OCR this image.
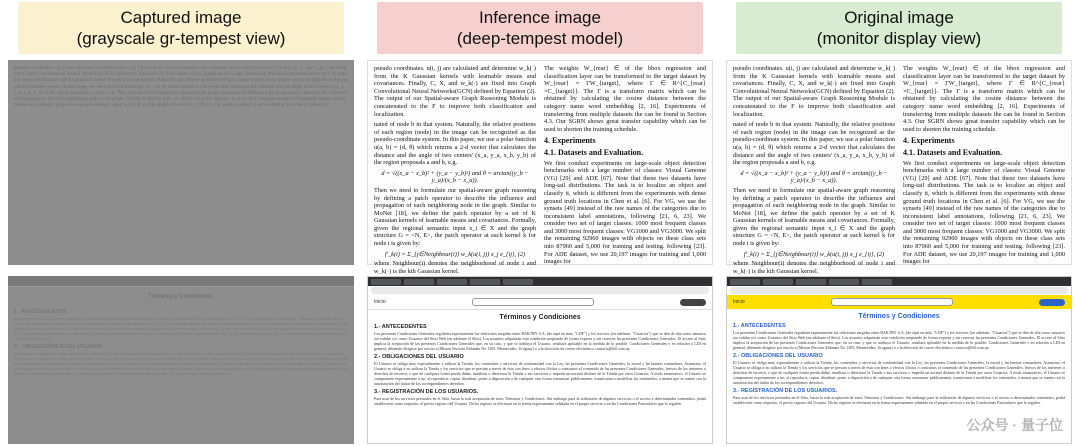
Captured image
(grayscale gr-tempest view)
pseudo coordinates. u(i, j) are calculated and determine w_k( ) from the K Gaussian kernels with learnable means and covariances. Finally, C, X, and w_k(·) are fixed into Graph Convolutional Neural Networks(GCN) defined by Equation (2). The output of our Spatial-aware Graph Reasoning Module is concatenated to the F to improve both classification and localization. nated of node b in that system. Naturally, the relative positions of each region (node) in the image can be recognized as the pseudo-coordinate system. In this paper, we use a polar function u(a, b) = (d, θ) which returns a 2-d vector that calculates the distance and the angle of two centers' (x_a, y_a, x_b, y_b) of the region proposals a and b, e.g. Then we need to formulate our spatial-aware graph reasoning by defining a patch operator to describe the influence and propagation of each neighboring node in the graph. Similar to MoNet [18], we define the patch operator by a set of K Gaussian kernels of learnable means and covariances. Formally, given the regional semantic input x_i ∈ X and the graph structure G = <N, E>, the patch operator at each kernel k for node i is given by:
Términos y Condiciones
1.- ANTECEDENTES
Los presentes Condiciones Generales regularán expresamente las relaciones surgidas entre BAKTRY S.A. (de aquí en más, "LDF") y los terceros (en adelante, "Usuarios") que se den de alta como usuarios sin validar y/o como Usuarios del Sitio Web (en adelante el Sitio). Los usuarios adquirirán esta condición aceptando de forma expresa y sin reservas las presentes Condiciones Generales. El acceso al Sitio implica la aceptación de las presentes Condiciones Generales que, en su caso, y que se atribuya el Usuario, resultará aplicable en la medida de lo posible. Condiciones Generales v en relación a LDI en general, debiendo dirigirse por escrito a (Mision Ferreira Aldunate No 1305, Montevideo, Uruguay) o a la dirección de correo electrónico contacto@ldf.com.uy
2.- OBLIGACIONES DEL USUARIO
El Usuario se obliga muy especialmente a utilizar la Tienda, los contenidos y servicios de conformidad con la Ley, las presentes Condiciones Generales, la moral y las buenas costumbres. Asimismo, el Usuario se obliga a no utilizar la Tienda y los servicios que se prestan a través de ésta con fines o efectos ilícitos o contrarios al contenido de las presentes Condiciones Generales, lesivos de los intereses o derechos de terceros, o que de cualquier forma pueda dañar, inutilizar o deteriorar la Tienda o sus servicios o impedir un normal disfrute de la Tienda por otros Usuarios. A título enunciativo, el Usuario se compromete expresamente a no: a) reproducir, copiar, distribuir, poner a disposición o de cualquier otra forma comunicar públicamente, transformar o modificar los contenidos, a menos que se cuente con la autorización del titular de los correspondientes derechos.
Inference image
(deep-tempest model)

pseudo coordinates. u(i, j) are calculated and determine w_k( ) from the K Gaussian kernels with learnable means and covariances. Finally, C, X, and w_k(·) are fixed into Graph Convolutional Neural Networks(GCN) defined by Equation (2). The output of our Spatial-aware Graph Reasoning Module is concatenated to the F to improve both classification and localization.

nated of node b in that system. Naturally, the relative positions of each region (node) in the image can be recognized as the pseudo-coordinate system. In this paper, we use a polar function u(a, b) = (d, θ) which returns a 2-d vector that calculates the distance and the angle of two centers' (x_a, y_a, x_b, y_b) of the region proposals a and b, e.g.

d = √((x_a − x_b)² + (y_a − y_b)²) and θ = arctan((y_b − y_a)/(x_b − x_a)).

Then we need to formulate our spatial-aware graph reasoning by defining a patch operator to describe the influence and propagation of each neighboring node in the graph. Similar to MoNet [18], we define the patch operator by a set of K Gaussian kernels of learnable means and covariances. Formally, given the regional semantic input x_i ∈ X and the graph structure G = <N, E>, the patch operator at each kernel k for node i is given by:

f'_k(i) = Σ_{j∈Neighbour(i)} w_k(u(i, j)) x_j e_{ij}, (2)

where Neighbour(i) denotes the neighborhood of node i and w_k(·) is the kth Gaussian kernel.

The weights W_{rear} ∈ of the bbox regression and classification layer can be transformed to the target dataset by W_{rear} = ΓW_{target}, where Γ ∈ R^{C_{rear}×C_{target}}. The Γ is a transform matrix which can be obtained by calculating the cosine distance between the category name word embedding [2, 16]. Experiments of transferring from multiple datasets the can be found in Section 4.3. Our SGRN shows great transfer capability which can be used to shorten the training schedule.

4. Experiments
4.1. Datasets and Evaluation.

We first conduct experiments on large-scale object detection benchmarks with a large number of classes: Visual Genome (VG) [29] and ADE [67]. Note that these two datasets have long-tail distributions. The task is to localize an object and classify it, which is different from the experiments with dense ground truth locations in Chen et al. [6]. For VG, we use the synsets [49] instead of the raw names of the categories due to inconsistent label annotations, following [21, 6, 23]. We consider two set of target classes: 1000 most frequent classes and 3000 most frequent classes: VG1000 and VG3000. We split the remaining 92960 images with objects on these class sets into 87960 and 5,000 for training and testing. following [23]. For ADE dataset, we use 20,197 images for training and 1,000 images for

Inicio
Términos y Condiciones
1.- ANTECEDENTES
Los presentes Condiciones Generales regularán expresamente las relaciones surgidas entre BAKTRY S.A. (de aquí en más, "LDF") y los terceros (en adelante, "Usuarios") que se den de alta como usuarios sin validar y/o como Usuarios del Sitio Web (en adelante el Sitio). Los usuarios adquirirán esta condición aceptando de forma expresa y sin reservas las presentes Condiciones Generales. El acceso al Sitio implica la aceptación de las presentes Condiciones Generales que, en su caso, y que se atribuya el Usuario, resultará aplicable en la medida de lo posible. Condiciones Generales v en relación a LDI en general, debiendo dirigirse por escrito a (Mision Ferreira Aldunate No 1305, Montevideo, Uruguay) o a la dirección de correo electrónico contacto@ldf.com.uy
2.- OBLIGACIONES DEL USUARIO
El Usuario se obliga muy especialmente a utilizar la Tienda, los contenidos y servicios de conformidad con la Ley, las presentes Condiciones Generales, la moral y las buenas costumbres. Asimismo, el Usuario se obliga a no utilizar la Tienda y los servicios que se prestan a través de ésta con fines o efectos ilícitos o contrarios al contenido de las presentes Condiciones Generales, lesivos de los intereses o derechos de terceros, o que de cualquier forma pueda dañar, inutilizar o deteriorar la Tienda o sus servicios o impedir un normal disfrute de la Tienda por otros Usuarios. A título enunciativo, el Usuario se compromete expresamente a no: a) reproducir, copiar, distribuir, poner a disposición o de cualquier otra forma comunicar públicamente, transformar o modificar los contenidos, a menos que se cuente con la autorización del titular de los correspondientes derechos.
3.- REGISTRACIÓN DE LOS USUARIOS.
Para usar de los servicios prestados en el Sitio, basta la sola aceptación de estos Términos y Condiciones. Sin embargo para la utilización de algunos servicios o el acceso a determinados contenidos, podrá establecerse como requisito, el previo registro del Usuario. Dicho registro se efectuará en la forma expresamente señalada en el propio servicio o en las Condiciones Particulares que lo regulen.
Original image
(monitor display view)

pseudo coordinates. u(i, j) are calculated and determine w_k( ) from the K Gaussian kernels with learnable means and covariances. Finally, C, X, and w_k(·) are fixed into Graph Convolutional Neural Networks(GCN) defined by Equation (2). The output of our Spatial-aware Graph Reasoning Module is concatenated to the F to improve both classification and localization.

nated of node b in that system. Naturally, the relative positions of each region (node) in the image can be recognized as the pseudo-coordinate system. In this paper, we use a polar function u(a, b) = (d, θ) which returns a 2-d vector that calculates the distance and the angle of two centers' (x_a, y_a, x_b, y_b) of the region proposals a and b, e.g.

d = √((x_a − x_b)² + (y_a − y_b)²) and θ = arctan((y_b − y_a)/(x_b − x_a)).

Then we need to formulate our spatial-aware graph reasoning by defining a patch operator to describe the influence and propagation of each neighboring node in the graph. Similar to MoNet [18], we define the patch operator by a set of K Gaussian kernels of learnable means and covariances. Formally, given the regional semantic input x_i ∈ X and the graph structure G = <N, E>, the patch operator at each kernel k for node i is given by:

f'_k(i) = Σ_{j∈Neighbour(i)} w_k(u(i, j)) x_j e_{ij}, (2)

where Neighbour(i) denotes the neighborhood of node i and w_k(·) is the kth Gaussian kernel.

The weights W_{rear} ∈ of the bbox regression and classification layer can be transformed to the target dataset by W_{rear} = ΓW_{target}, where Γ ∈ R^{C_{rear}×C_{target}}. The Γ is a transform matrix which can be obtained by calculating the cosine distance between the category name word embedding [2, 16]. Experiments of transferring from multiple datasets the can be found in Section 4.3. Our SGRN shows great transfer capability which can be used to shorten the training schedule.

4. Experiments
4.1. Datasets and Evaluation.

We first conduct experiments on large-scale object detection benchmarks with a large number of classes: Visual Genome (VG) [29] and ADE [67]. Note that these two datasets have long-tail distributions. The task is to localize an object and classify it, which is different from the experiments with dense ground truth locations in Chen et al. [6]. For VG, we use the synsets [49] instead of the raw names of the categories due to inconsistent label annotations, following [21, 6, 23]. We consider two set of target classes: 1000 most frequent classes and 3000 most frequent classes: VG1000 and VG3000. We split the remaining 92960 images with objects on these class sets into 87960 and 5,000 for training and testing. following [23]. For ADE dataset, we use 20,197 images for training and 1,000 images for

Inicio
Términos y Condiciones
1.- ANTECEDENTES
Los presentes Condiciones Generales regularán expresamente las relaciones surgidas entre BAKTRY S.A. (de aquí en más, "LDF") y los terceros (en adelante, "Usuarios") que se den de alta como usuarios sin validar y/o como Usuarios del Sitio Web (en adelante el Sitio). Los usuarios adquirirán esta condición aceptando de forma expresa y sin reservas las presentes Condiciones Generales. El acceso al Sitio implica la aceptación de las presentes Condiciones Generales que, en su caso, y que se atribuya el Usuario, resultará aplicable en la medida de lo posible. Condiciones Generales v en relación a LDI en general, debiendo dirigirse por escrito a (Mision Ferreira Aldunate No 1305, Montevideo, Uruguay) o a la dirección de correo electrónico contacto@ldf.com.uy
2.- OBLIGACIONES DEL USUARIO
El Usuario se obliga muy especialmente a utilizar la Tienda, los contenidos y servicios de conformidad con la Ley, las presentes Condiciones Generales, la moral y las buenas costumbres. Asimismo, el Usuario se obliga a no utilizar la Tienda y los servicios que se prestan a través de ésta con fines o efectos ilícitos o contrarios al contenido de las presentes Condiciones Generales, lesivos de los intereses o derechos de terceros, o que de cualquier forma pueda dañar, inutilizar o deteriorar la Tienda o sus servicios o impedir un normal disfrute de la Tienda por otros Usuarios. A título enunciativo, el Usuario se compromete expresamente a no: a) reproducir, copiar, distribuir, poner a disposición o de cualquier otra forma comunicar públicamente, transformar o modificar los contenidos, a menos que se cuente con la autorización del titular de los correspondientes derechos.
3.- REGISTRACIÓN DE LOS USUARIOS.
Para usar de los servicios prestados en el Sitio, basta la sola aceptación de estos Términos y Condiciones. Sin embargo para la utilización de algunos servicios o el acceso a determinados contenidos, podrá establecerse como requisito, el previo registro del Usuario. Dicho registro se efectuará en la forma expresamente señalada en el propio servicio o en las Condiciones Particulares que lo regulen.
公众号 · 量子位
